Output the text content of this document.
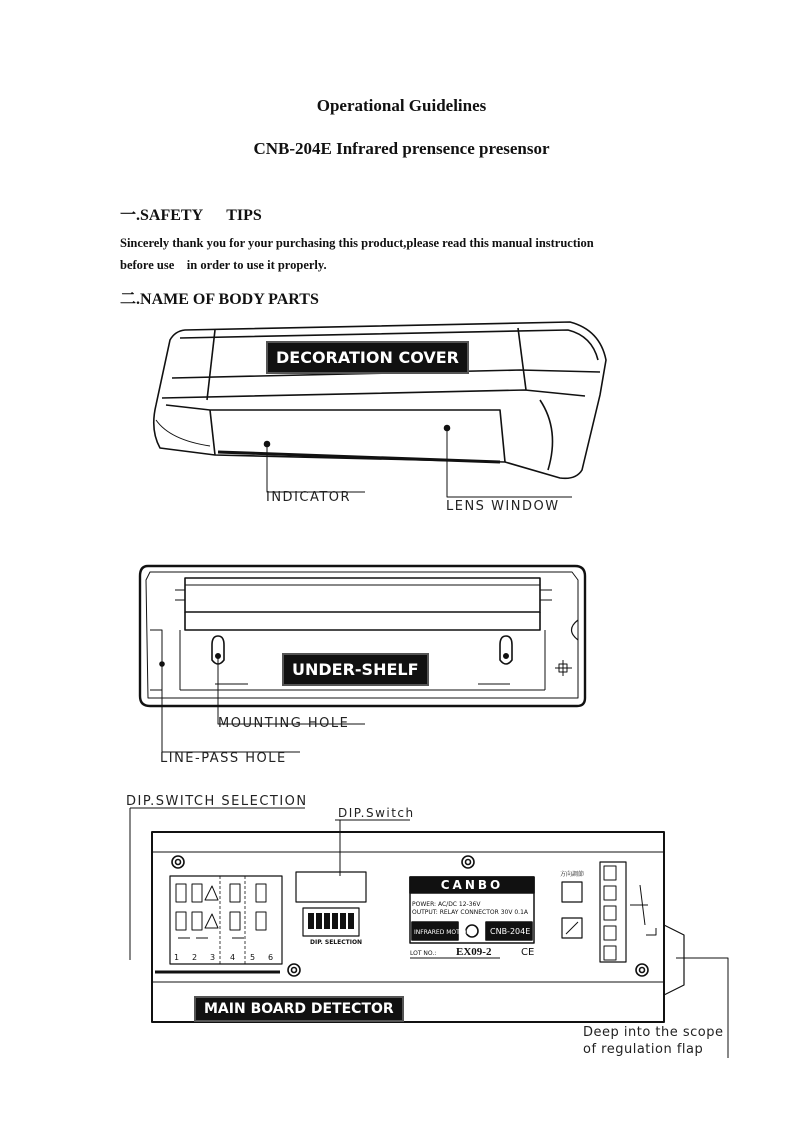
Operational Guidelines
CNB-204E Infrared prensence presensor
一.SAFETY      TIPS
Sincerely thank you for your purchasing this product,please read this manual instruction
before use    in order to use it properly.
二.NAME OF BODY PARTS
POWER: AC/DC 12-36V
OUTPUT: RELAY CONNECTOR 30V 0.1A
INFRARED MOTION CNB-204E
LOT NO.: EX09-2	CE
DIP. SELECTION
方向調節
1 2 3 4 5 6
DECORATION COVER
INDICATOR
LENS WINDOW
UNDER-SHELF
MOUNTING HOLE
LINE-PASS HOLE
DIP.SWITCH SELECTION
DIP.Switch
CANBO
MAIN BOARD DETECTOR
Deep into the scope
of regulation flap
